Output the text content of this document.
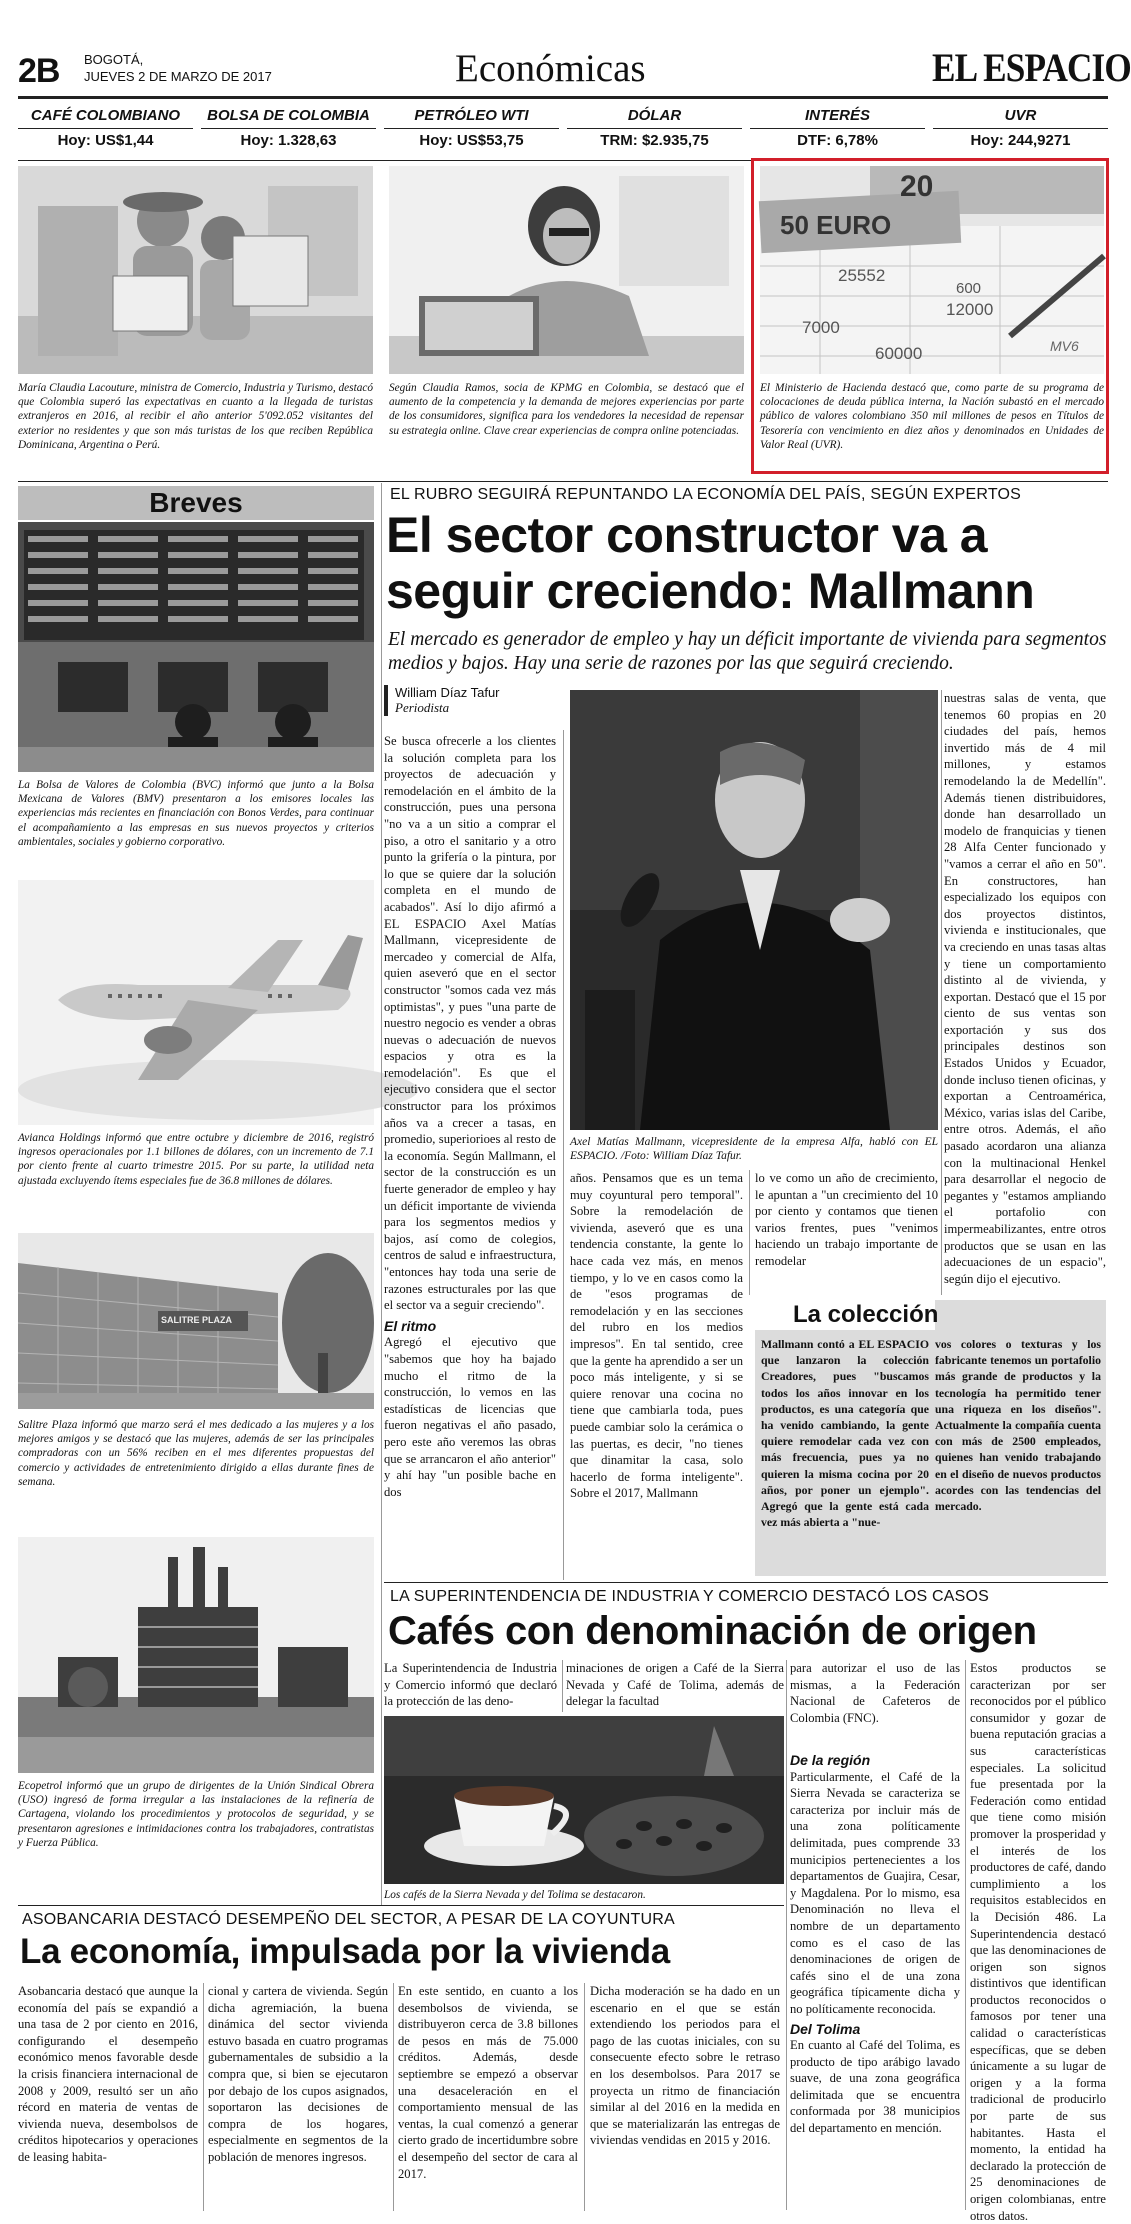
2B BOGOTÁ,
JUEVES 2 DE MARZO DE 2017	Económicas	EL ESPACIO
CAFÉ COLOMBIANO
Hoy: US$1,44
BOLSA DE COLOMBIA
Hoy: 1.328,63
PETRÓLEO WTI
Hoy: US$53,75
DÓLAR
TRM: $2.935,75
INTERÉS
DTF: 6,78%
UVR
Hoy: 244,9271
20
50 EURO
25552
600
12000
7000
60000	MV6
María Claudia Lacouture, ministra de Comercio, Industria y Turismo, destacó que Colombia superó las expectativas en cuanto a la llegada de turistas extranjeros en 2016, al recibir el año anterior 5'092.052 visitantes del exterior no residentes y que son más turistas de los que reciben República Dominicana, Argentina o Perú.
Según Claudia Ramos, socia de KPMG en Colombia, se destacó que el aumento de la competencia y la demanda de mejores experiencias por parte de los consumidores, significa para los vendedores la necesidad de repensar su estrategia online. Clave crear experiencias de compra online potenciadas.
El Ministerio de Hacienda destacó que, como parte de su programa de colocaciones de deuda pública interna, la Nación subastó en el mercado público de valores colombiano 350 mil millones de pesos en Títulos de Tesorería con vencimiento en diez años y denominados en Unidades de Valor Real (UVR).
Breves
La Bolsa de Valores de Colombia (BVC) informó que junto a la Bolsa Mexicana de Valores (BMV) presentaron a los emisores locales las experiencias más recientes en financiación con Bonos Verdes, para continuar el acompañamiento a las empresas en sus nuevos proyectos y criterios ambientales, sociales y gobierno corporativo.
Avianca Holdings informó que entre octubre y diciembre de 2016, registró ingresos operacionales por 1.1 billones de dólares, con un incremento de 7.1 por ciento frente al cuarto trimestre 2015. Por su parte, la utilidad neta ajustada excluyendo ítems especiales fue de 36.8 millones de dólares.
SALITRE PLAZA
Salitre Plaza informó que marzo será el mes dedicado a las mujeres y a los mejores amigos y se destacó que las mujeres, además de ser las principales compradoras con un 56% reciben en el mes diferentes propuestas del comercio y actividades de entretenimiento dirigido a ellas durante fines de semana.
Ecopetrol informó que un grupo de dirigentes de la Unión Sindical Obrera (USO) ingresó de forma irregular a las instalaciones de la refinería de Cartagena, violando los procedimientos y protocolos de seguridad, y se presentaron agresiones e intimidaciones contra los trabajadores, contratistas y Fuerza Pública.
EL RUBRO SEGUIRÁ REPUNTANDO LA ECONOMÍA DEL PAÍS, SEGÚN EXPERTOS
El sector constructor va a
seguir creciendo: Mallmann
El mercado es generador de empleo y hay un déficit importante de vivienda para segmentos medios y bajos. Hay una serie de razones por las que seguirá creciendo.
William Díaz Tafur
Periodista
Se busca ofrecerle a los clientes la solución completa para los proyectos de adecuación y remodelación en el ámbito de la construcción, pues una persona "no va a un sitio a comprar el piso, a otro el sanitario y a otro punto la grifería o la pintura, por lo que se quiere dar la solución completa en el mundo de acabados". Así lo dijo afirmó a EL ESPACIO Axel Matías Mallmann, vicepresidente de mercadeo y comercial de Alfa, quien aseveró que en el sector constructor "somos cada vez más optimistas", y pues "una parte de nuestro negocio es vender a obras nuevas o adecuación de nuevos espacios y otra es la remodelación". Es que el ejecutivo considera que el sector constructor para los próximos años va a crecer a tasas, en promedio, superiorioes al resto de la economía. Según Mallmann, el sector de la construcción es un fuerte generador de empleo y hay un déficit importante de vivienda para los segmentos medios y bajos, así como de colegios, centros de salud e infraestructura, "entonces hay toda una serie de razones estructurales por las que el sector va a seguir creciendo".
El ritmo
Agregó el ejecutivo que "sabemos que hoy ha bajado mucho el ritmo de la construcción, lo vemos en las estadísticas de licencias que fueron negativas el año pasado, pero este año veremos las obras que se arrancaron el año anterior" y ahí hay "un posible bache en dos
Axel Matías Mallmann, vicepresidente de la empresa Alfa, habló con EL ESPACIO. /Foto: William Díaz Tafur.
años. Pensamos que es un tema muy coyuntural pero temporal". Sobre la remodelación de vivienda, aseveró que es una tendencia constante, la gente lo hace cada vez más, en menos tiempo, y lo ve en casos como la de "esos programas de remodelación y en las secciones del rubro en los medios impresos". En tal sentido, cree que la gente ha aprendido a ser un poco más inteligente, y si se quiere renovar una cocina no tiene que cambiarla toda, pues puede cambiar solo la cerámica o las puertas, es decir, "no tienes que dinamitar la casa, solo hacerlo de forma inteligente". Sobre el 2017, Mallmann
lo ve como un año de crecimiento, le apuntan a "un crecimiento del 10 por ciento y contamos que tienen varios frentes, pues "venimos haciendo un trabajo importante de remodelar
nuestras salas de venta, que tenemos 60 propias en 20 ciudades del país, hemos invertido más de 4 mil millones, y estamos remodelando la de Medellín". Además tienen distribuidores, donde han desarrollado un modelo de franquicias y tienen 28 Alfa Center funcionado y "vamos a cerrar el año en 50". En constructores, han especializado los equipos con dos proyectos distintos, vivienda e institucionales, que va creciendo en unas tasas altas y tiene un comportamiento distinto al de vivienda, y exportan. Destacó que el 15 por ciento de sus ventas son exportación y sus dos principales destinos son Estados Unidos y Ecuador, donde incluso tienen oficinas, y exportan a Centroamérica, México, varias islas del Caribe, entre otros. Además, el año pasado acordaron una alianza con la multinacional Henkel para desarrollar el negocio de pegantes y "estamos ampliando el portafolio con impermeabilizantes, entre otros productos que se usan en las adecuaciones de un espacio", según dijo el ejecutivo.
La colección
Mallmann contó a EL ESPACIO que lanzaron la colección Creadores, pues "buscamos todos los años innovar en los productos, es una categoría que ha venido cambiando, la gente quiere remodelar cada vez con más frecuencia, pues ya no quieren la misma cocina por 20 años, por poner un ejemplo". Agregó que la gente está cada vez más abierta a "nue-
vos colores o texturas y los fabricante tenemos un portafolio más grande de productos y la tecnología ha permitido tener una riqueza en los diseños". Actualmente la compañía cuenta con más de 2500 empleados, quienes han venido trabajando en el diseño de nuevos productos acordes con las tendencias del mercado.
LA SUPERINTENDENCIA DE INDUSTRIA Y COMERCIO DESTACÓ LOS CASOS
Cafés con denominación de origen
La Superintendencia de Industria y Comercio informó que declaró la protección de las deno-
minaciones de origen a Café de la Sierra Nevada y Café de Tolima, además de delegar la facultad
Los cafés de la Sierra Nevada y del Tolima se destacaron.
para autorizar el uso de las mismas, a la Federación Nacional de Cafeteros de Colombia (FNC).
De la región
Particularmente, el Café de la Sierra Nevada se caracteriza se caracteriza por incluir más de una zona políticamente delimitada, pues comprende 33 municipios pertenecientes a los departamentos de Guajira, Cesar, y Magdalena. Por lo mismo, esa Denominación no lleva el nombre de un departamento como es el caso de las denominaciones de origen de cafés sino el de una zona geográfica típicamente dicha y no políticamente reconocida.
Del Tolima
En cuanto al Café del Tolima, es producto de tipo arábigo lavado suave, de una zona geográfica delimitada que se encuentra conformada por 38 municipios del departamento en mención.
Estos productos se caracterizan por ser reconocidos por el público consumidor y gozar de buena reputación gracias a sus características especiales. La solicitud fue presentada por la Federación como entidad que tiene como misión promover la prosperidad y el interés de los productores de café, dando cumplimiento a los requisitos establecidos en la Decisión 486. La Superintendencia destacó que las denominaciones de origen son signos distintivos que identifican productos reconocidos o famosos por tener una calidad o características específicas, que se deben únicamente a su lugar de origen y a la forma tradicional de producirlo por parte de sus habitantes. Hasta el momento, la entidad ha declarado la protección de 25 denominaciones de origen colombianas, entre otros datos.
ASOBANCARIA DESTACÓ DESEMPEÑO DEL SECTOR, A PESAR DE LA COYUNTURA
La economía, impulsada por la vivienda
Asobancaria destacó que aunque la economía del país se expandió a una tasa de 2 por ciento en 2016, configurando el desempeño económico menos favorable desde la crisis financiera internacional de 2008 y 2009, resultó ser un año récord en materia de ventas de vivienda nueva, desembolsos de créditos hipotecarios y operaciones de leasing habita-
cional y cartera de vivienda. Según dicha agremiación, la buena dinámica del sector vivienda estuvo basada en cuatro programas gubernamentales de subsidio a la compra que, si bien se ejecutaron por debajo de los cupos asignados, soportaron las decisiones de compra de los hogares, especialmente en segmentos de la población de menores ingresos.
En este sentido, en cuanto a los desembolsos de vivienda, se distribuyeron cerca de 3.8 billones de pesos en más de 75.000 créditos. Además, desde septiembre se empezó a observar una desaceleración en el comportamiento mensual de las ventas, la cual comenzó a generar cierto grado de incertidumbre sobre el desempeño del sector de cara al 2017.
Dicha moderación se ha dado en un escenario en el que se están extendiendo los periodos para el pago de las cuotas iniciales, con su consecuente efecto sobre le retraso en los desembolsos. Para 2017 se proyecta un ritmo de financiación similar al del 2016 en la medida en que se materializarán las entregas de viviendas vendidas en 2015 y 2016.
